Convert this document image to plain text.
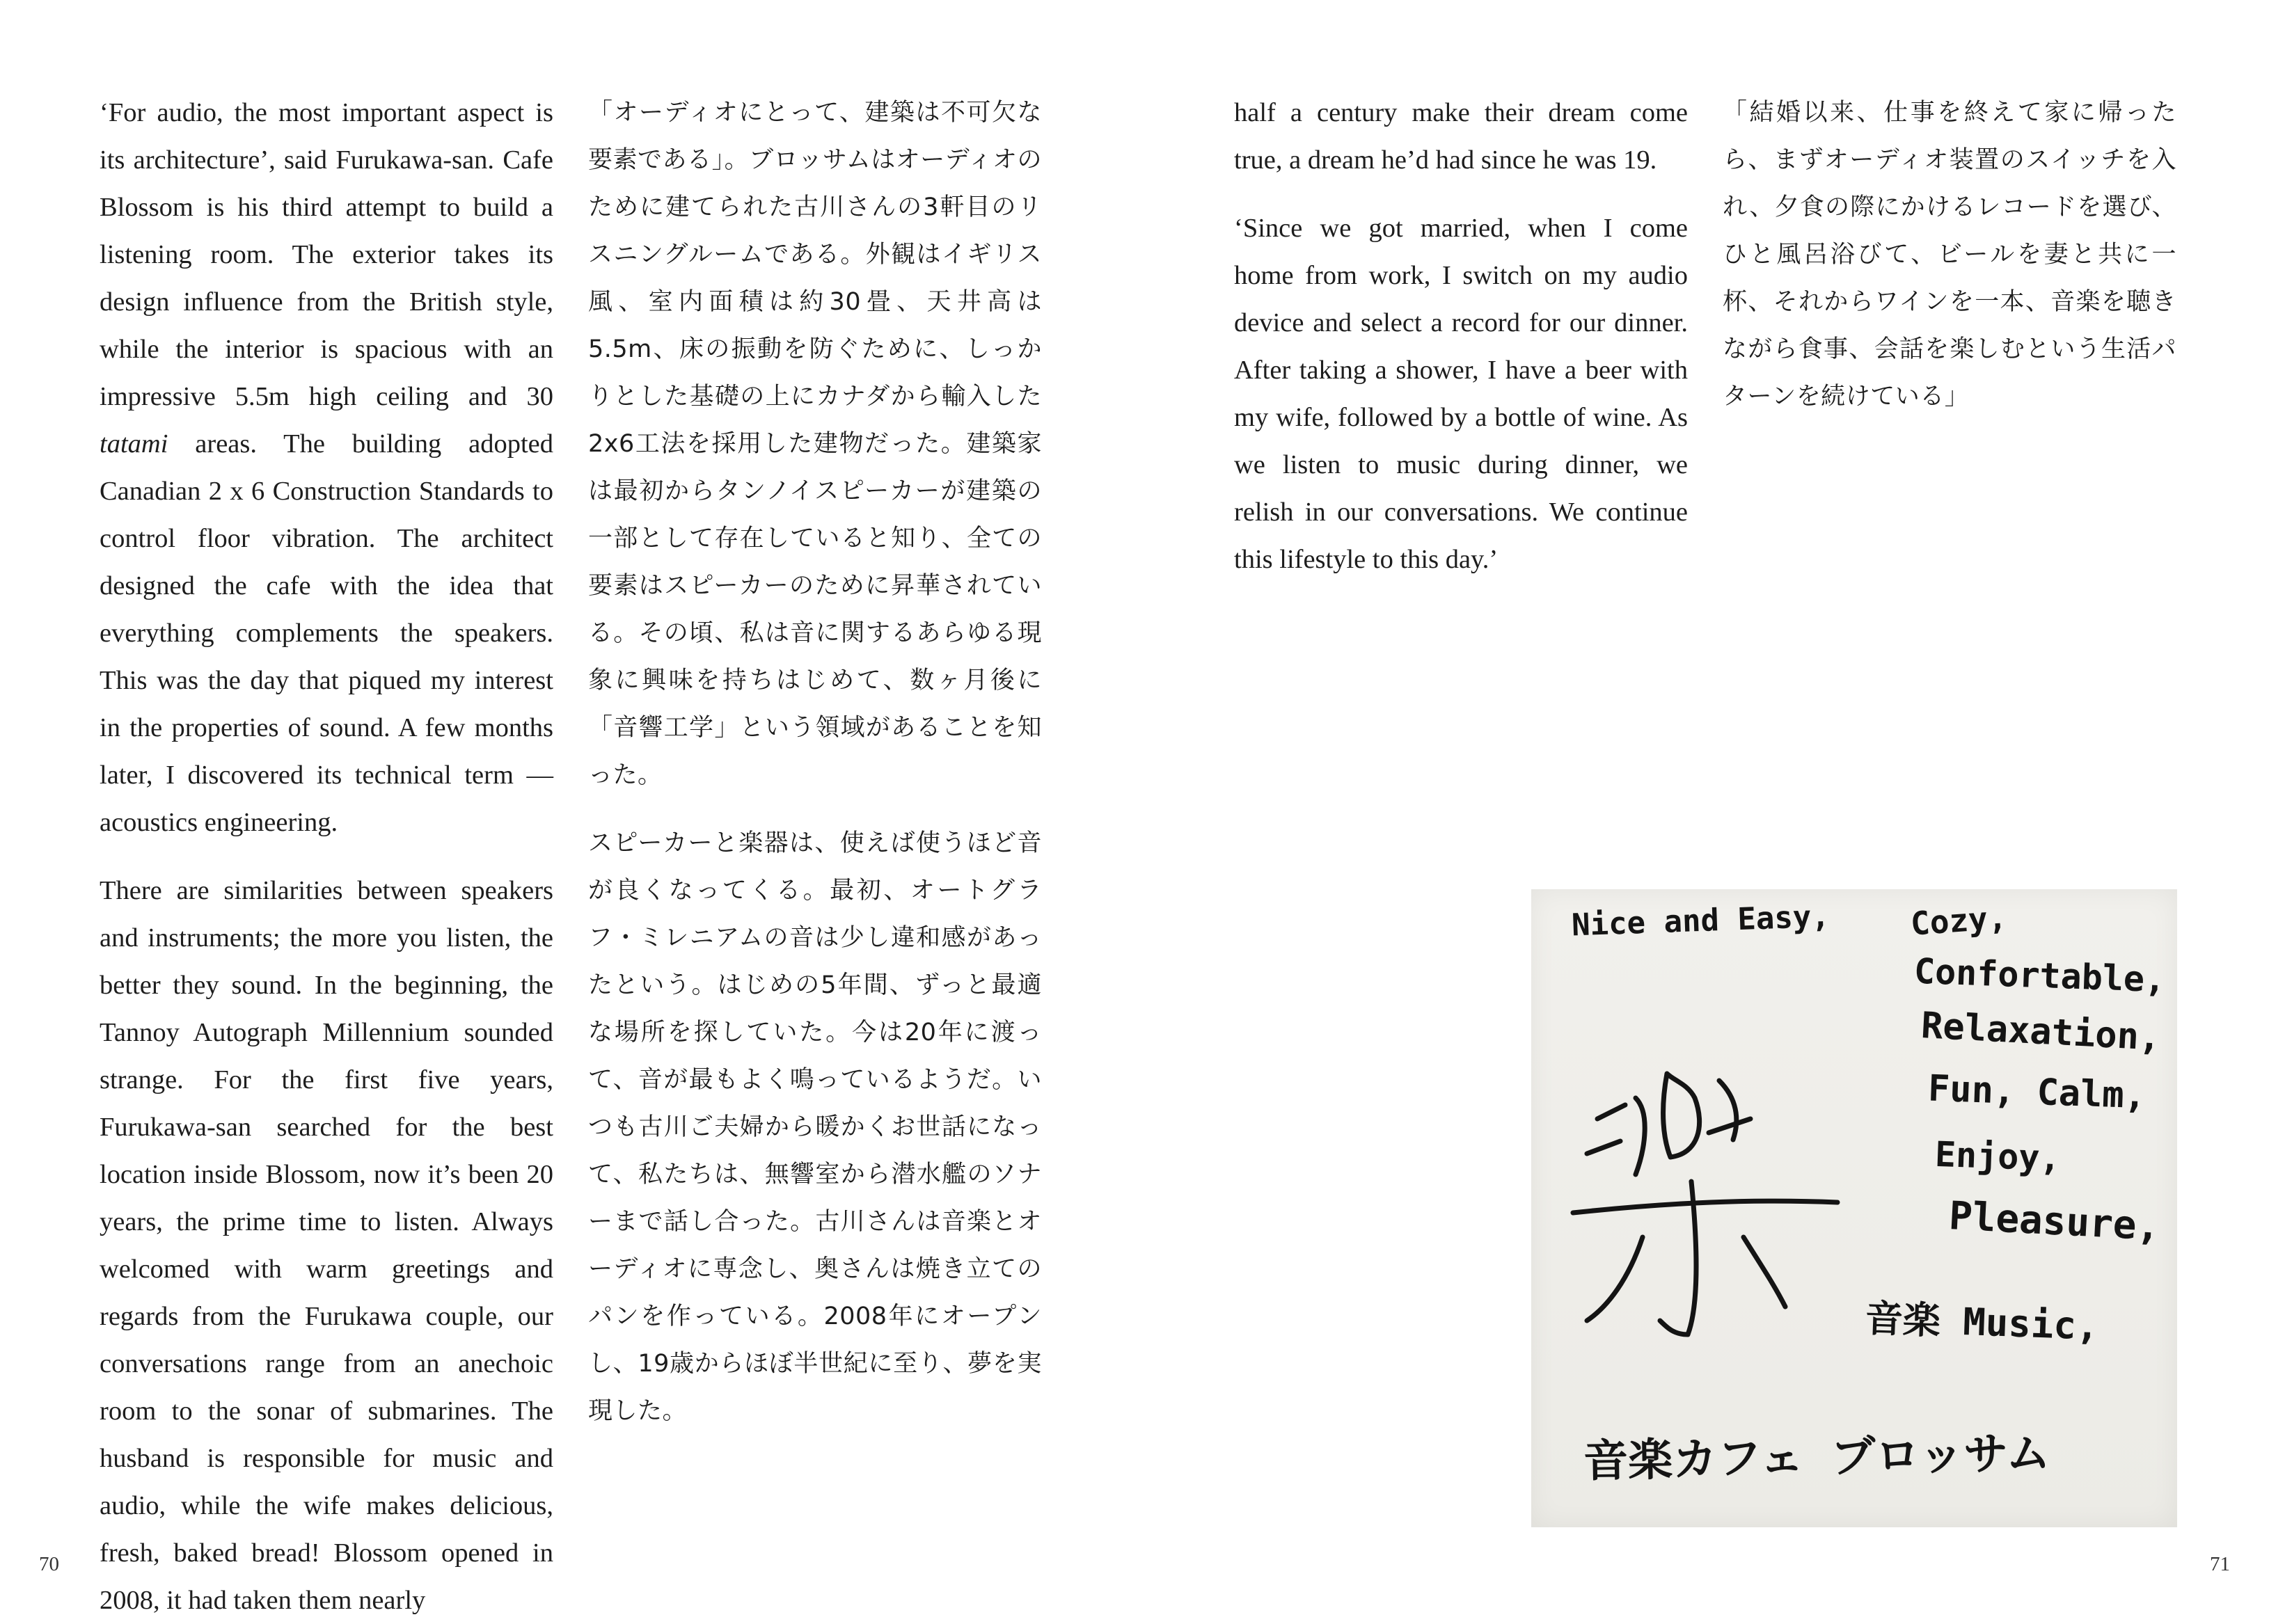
‘For audio, the most important aspect is its architecture’, said Furukawa-san. Cafe Blossom is his third attempt to build a listening room. The exterior takes its design influence from the British style, while the interior is spacious with an impressive 5.5m high ceiling and 30 tatami areas. The building adopted Canadian 2 x 6 Construction Standards to control floor vibration. The architect designed the cafe with the idea that everything complements the speakers. This was the day that piqued my interest in the properties of sound. A few months later, I discovered its technical term — acoustics engineering.

There are similarities between speakers and instruments; the more you listen, the better they sound. In the beginning, the Tannoy Autograph Millennium sounded strange. For the first five years, Furukawa-san searched for the best location inside Blossom, now it’s been 20 years, the prime time to listen. Always welcomed with warm greetings and regards from the Furukawa couple, our conversations range from an anechoic room to the sonar of submarines. The husband is responsible for music and audio, while the wife makes delicious, fresh, baked bread! Blossom opened in 2008, it had taken them nearly

「オーディオにとって、建築は不可欠な要素である」。ブロッサムはオーディオのために建てられた古川さんの3軒目のリスニングルームである。外観はイギリス風、室内面積は約30畳、天井高は5.5m、床の振動を防ぐために、しっかりとした基礎の上にカナダから輸入した2x6工法を採用した建物だった。建築家は最初からタンノイスピーカーが建築の一部として存在していると知り、全ての要素はスピーカーのために昇華されている。その頃、私は音に関するあらゆる現象に興味を持ちはじめて、数ヶ月後に「音響工学」という領域があることを知った。

スピーカーと楽器は、使えば使うほど音が良くなってくる。最初、オートグラフ・ミレニアムの音は少し違和感があったという。はじめの5年間、ずっと最適な場所を探していた。今は20年に渡って、音が最もよく鳴っているようだ。いつも古川ご夫婦から暖かくお世話になって、私たちは、無響室から潜水艦のソナーまで話し合った。古川さんは音楽とオーディオに専念し、奥さんは焼き立てのパンを作っている。2008年にオープンし、19歳からほぼ半世紀に至り、夢を実現した。

70

half a century make their dream come true, a dream he’d had since he was 19.

‘Since we got married, when I come home from work, I switch on my audio device and select a record for our dinner. After taking a shower, I have a beer with my wife, followed by a bottle of wine. As we listen to music during dinner, we relish in our conversations. We continue this lifestyle to this day.’

「結婚以来、仕事を終えて家に帰ったら、まずオーディオ装置のスイッチを入れ、夕食の際にかけるレコードを選び、ひと風呂浴びて、ビールを妻と共に一杯、それからワインを一本、音楽を聴きながら食事、会話を楽しむという生活パターンを続けている」

71
Nice and Easy, Cozy,
Confortable,
Relaxation,
Fun, Calm,
Enjoy,
Pleasure,
音楽 Music,
音楽カフェ ブロッサム
